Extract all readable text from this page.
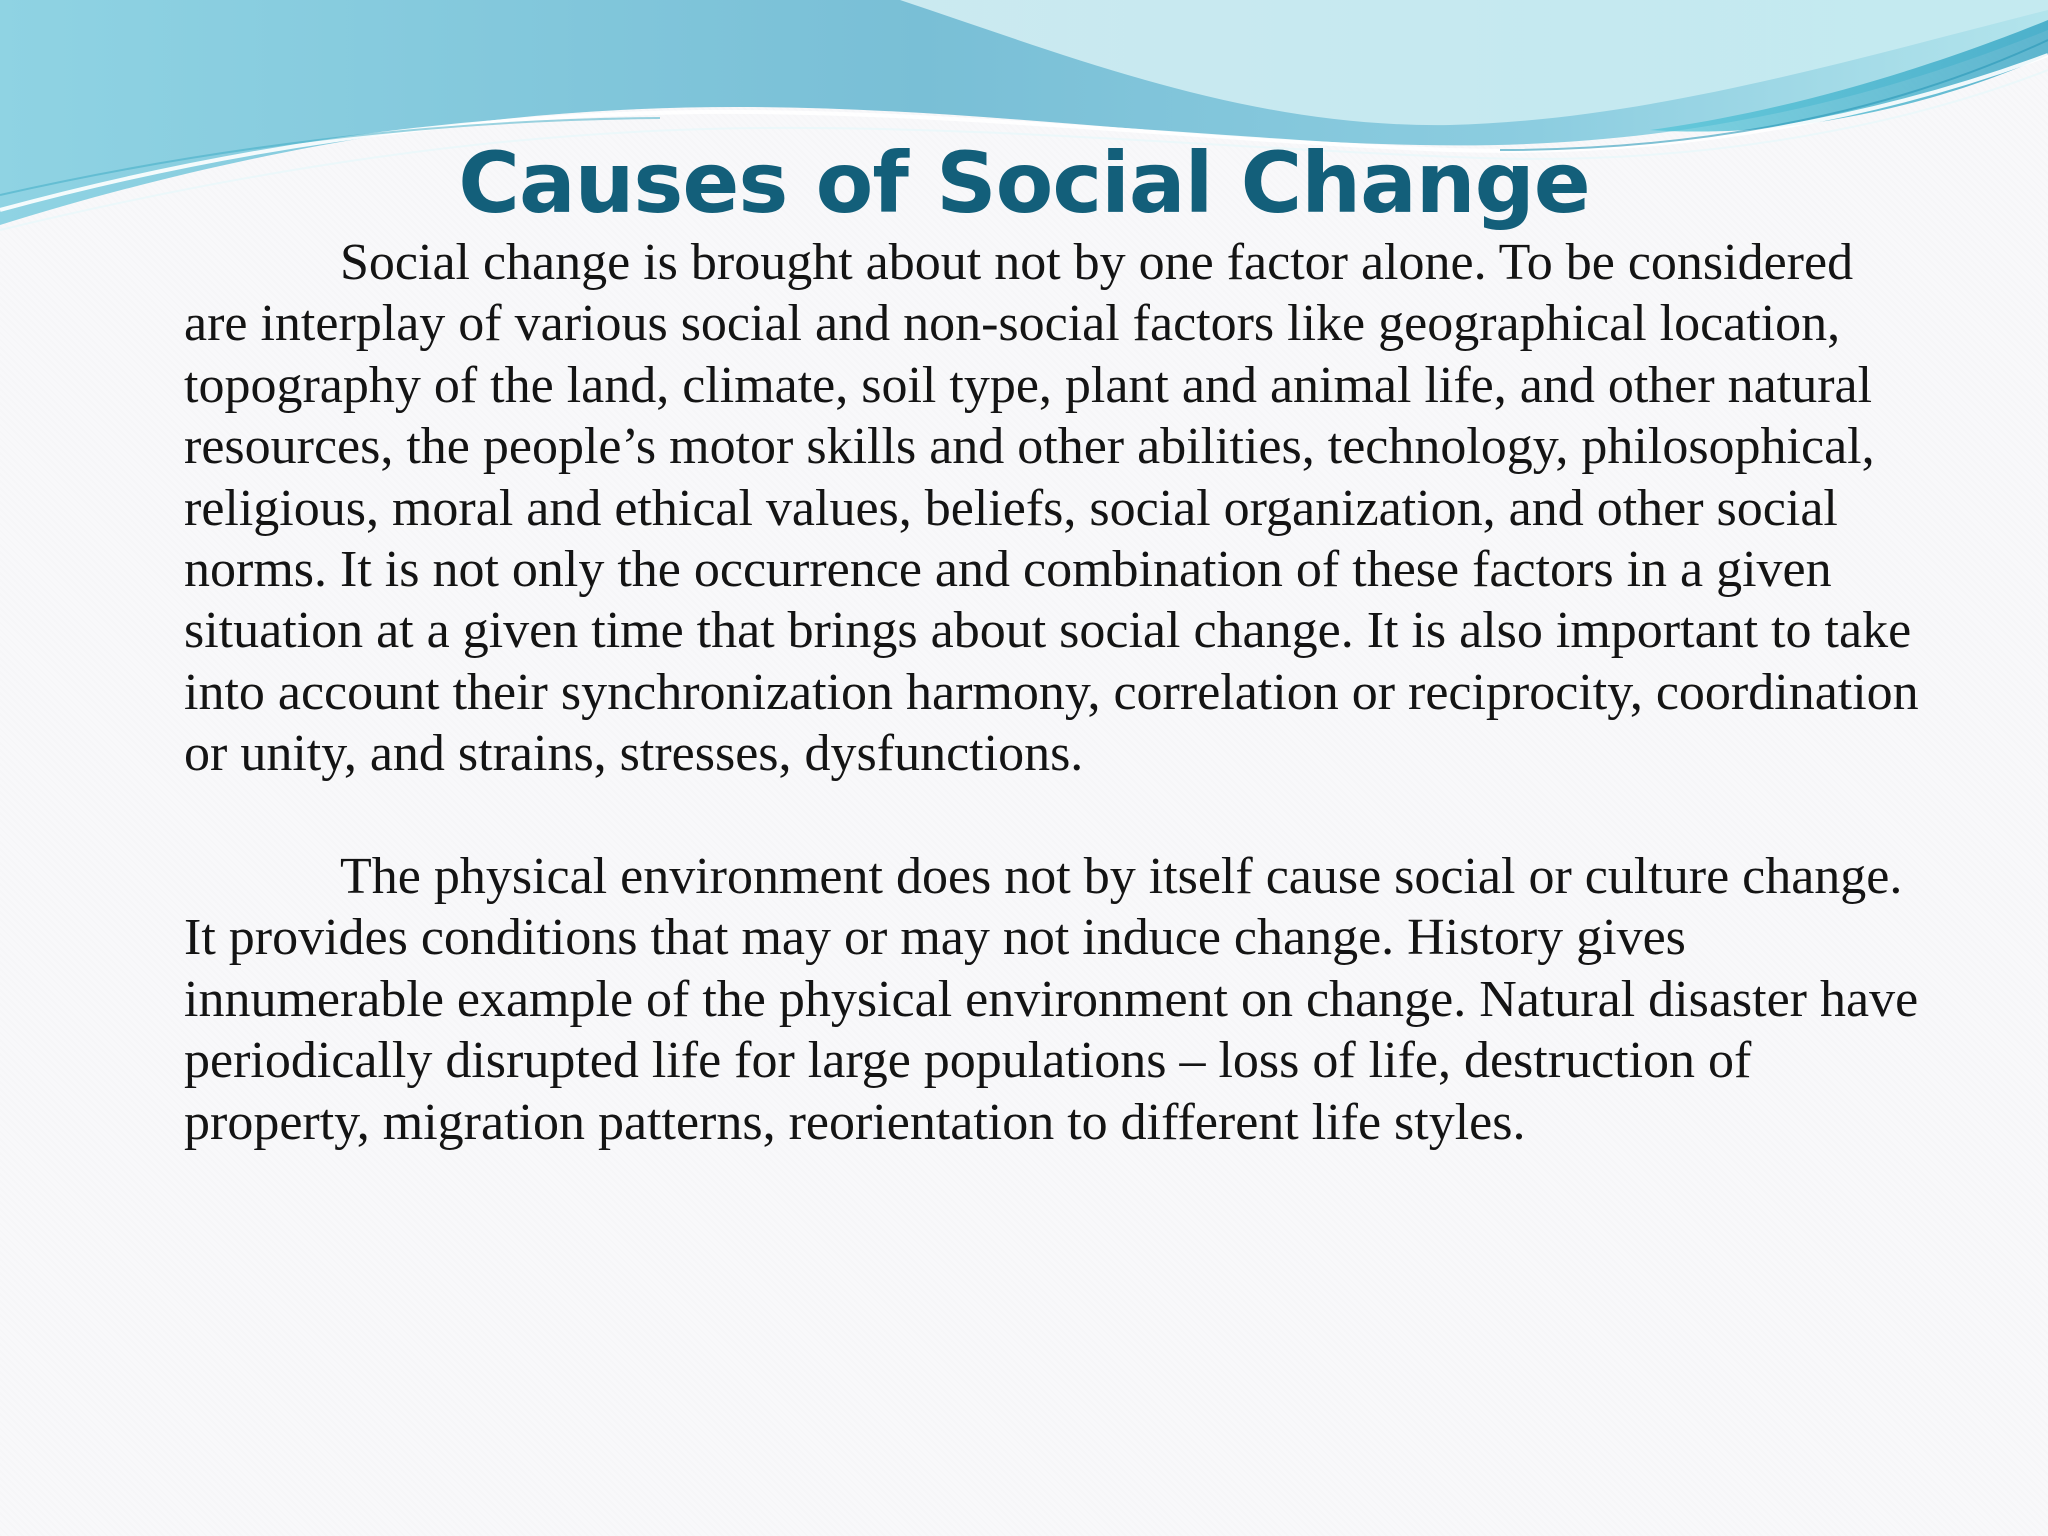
Causes of Social Change

Social change is brought about not by one factor alone. To be considered are interplay of various social and non-social factors like geographical location, topography of the land, climate, soil type, plant and animal life, and other natural resources, the people’s motor skills and other abilities, technology, philosophical, religious, moral and ethical values, beliefs, social organization, and other social norms. It is not only the occurrence and combination of these factors in a given situation at a given time that brings about social change. It is also important to take into account their synchronization harmony, correlation or reciprocity, coordination or unity, and strains, stresses, dysfunctions.

The physical environment does not by itself cause social or culture change. It provides conditions that may or may not induce change. History gives innumerable example of the physical environment on change. Natural disaster have periodically disrupted life for large populations – loss of life, destruction of property, migration patterns, reorientation to different life styles.
